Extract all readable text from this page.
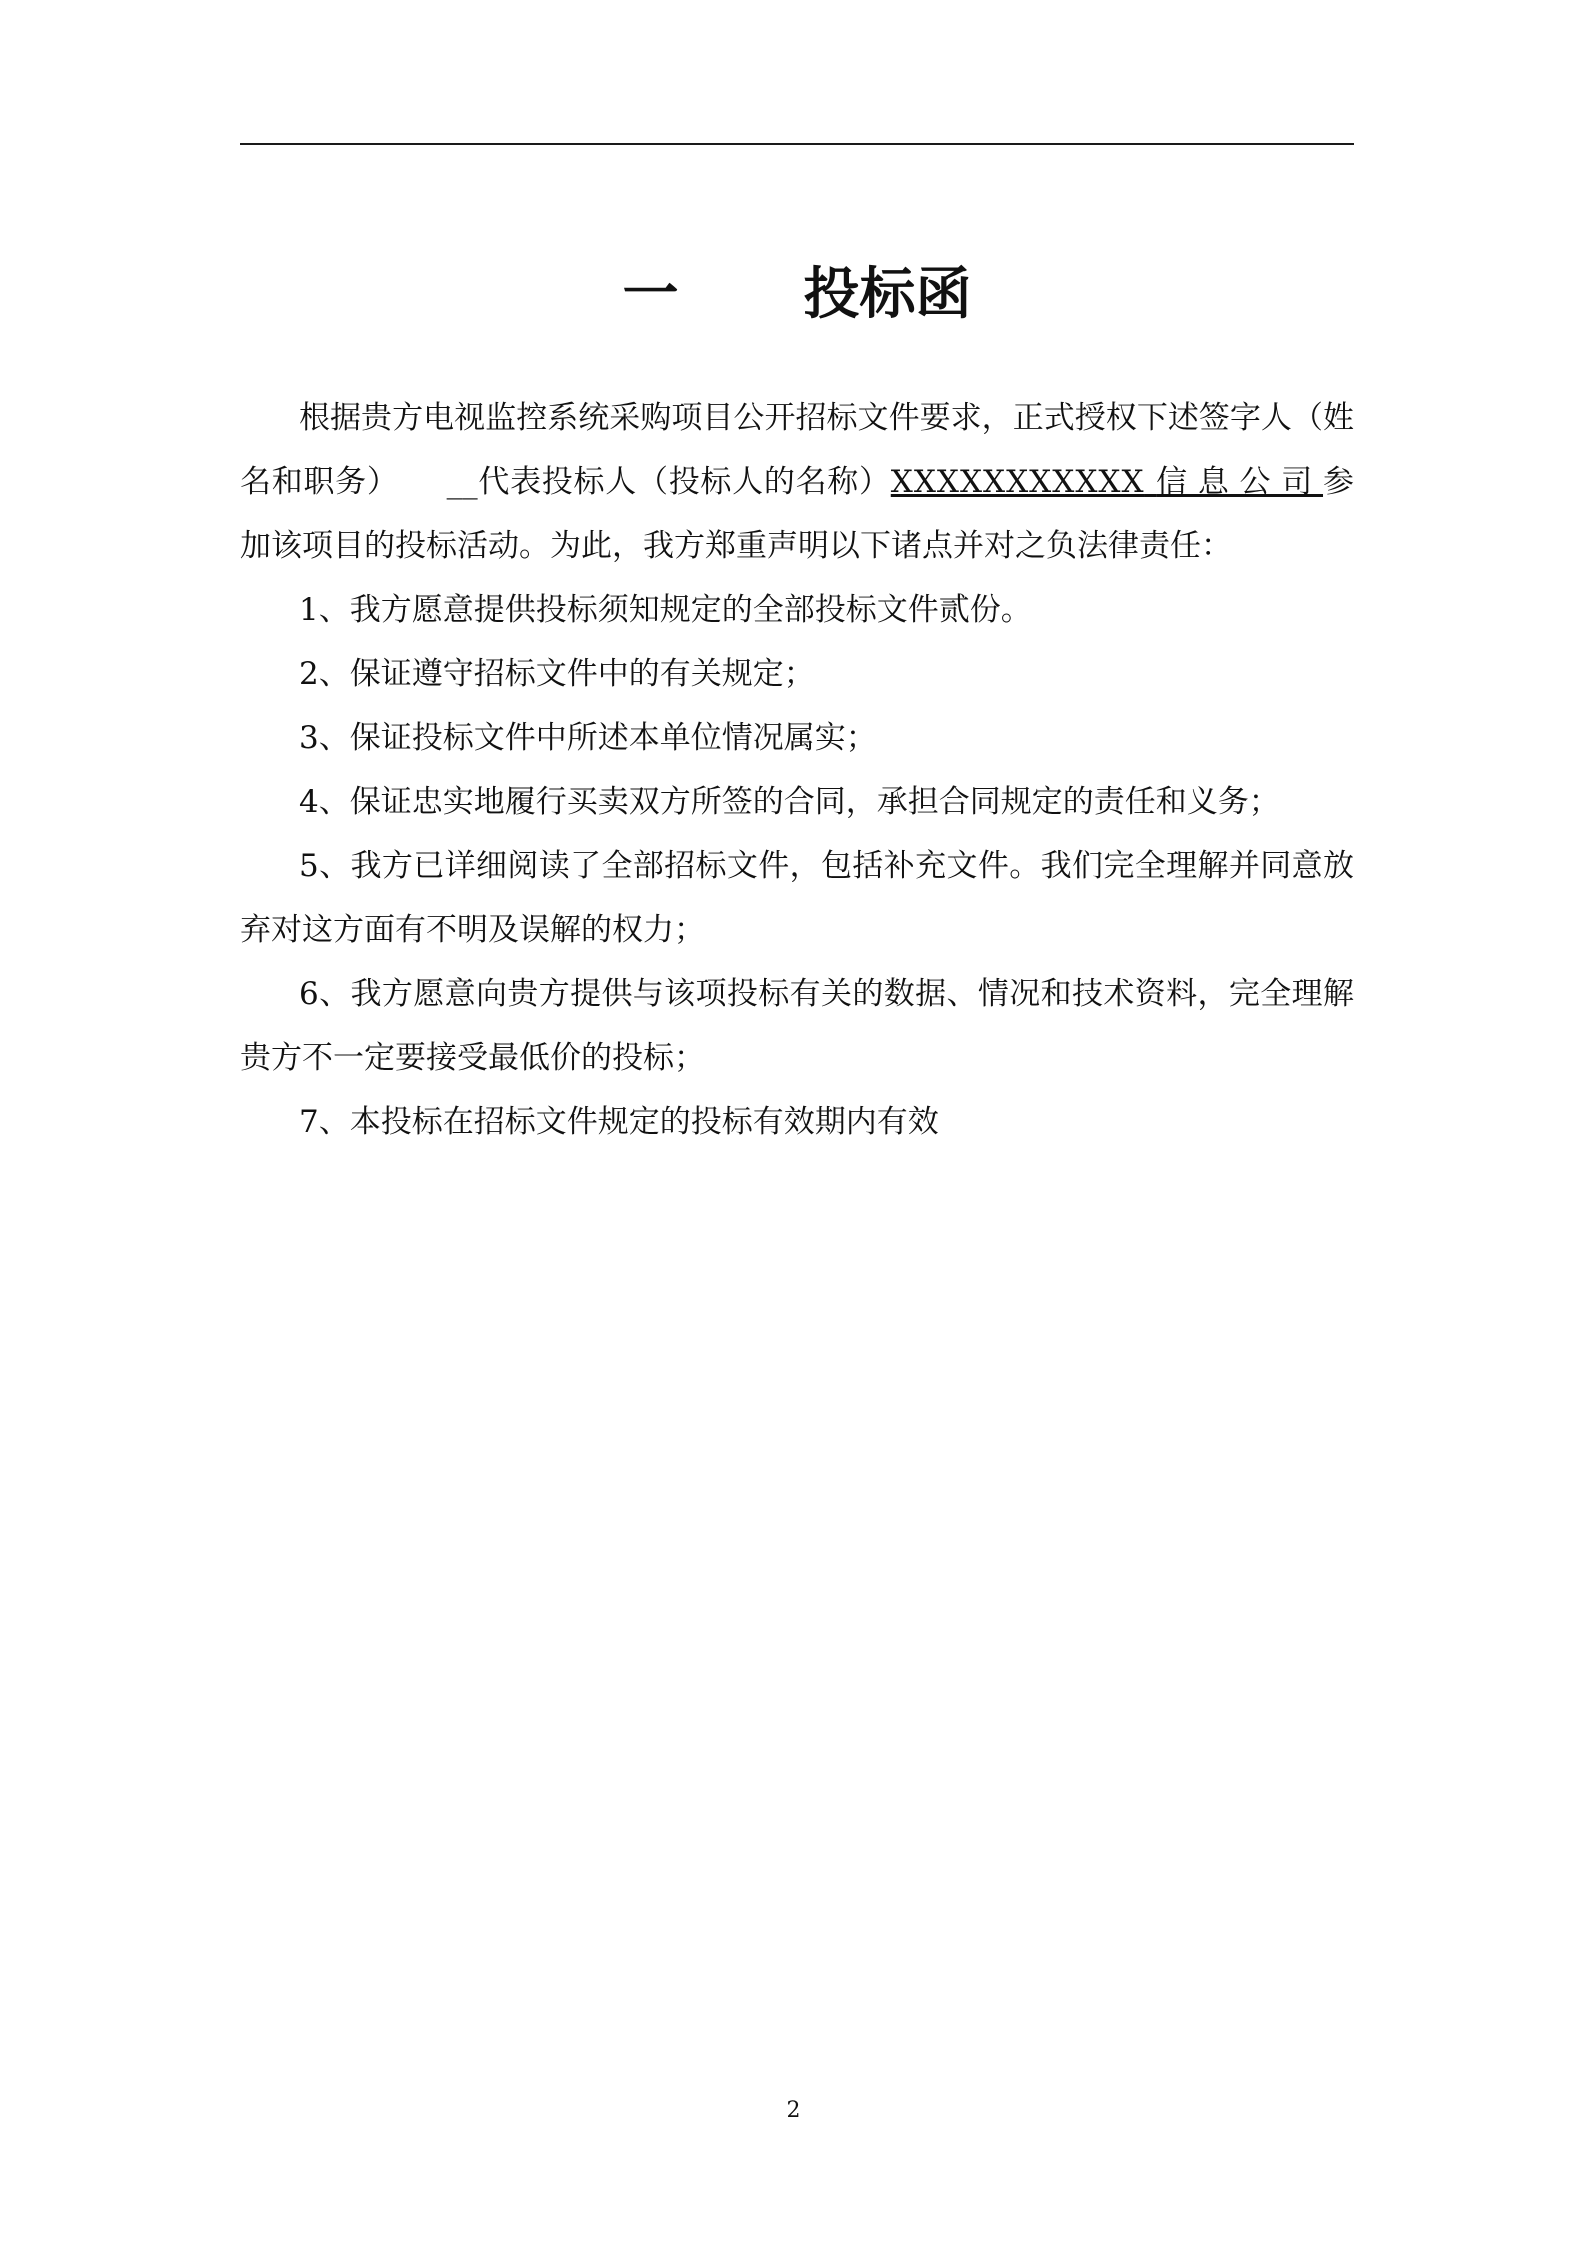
一 投标函

根据贵方电视监控系统采购项目公开招标文件要求，正式授权下述签字人（姓名和职务） __代表投标人（投标人的名称）XXXXXXXXXXX 信息公司参加该项目的投标活动。为此，我方郑重声明以下诸点并对之负法律责任：

1、我方愿意提供投标须知规定的全部投标文件贰份。

2、保证遵守招标文件中的有关规定；

3、保证投标文件中所述本单位情况属实；

4、保证忠实地履行买卖双方所签的合同，承担合同规定的责任和义务；

5、我方已详细阅读了全部招标文件，包括补充文件。我们完全理解并同意放弃对这方面有不明及误解的权力；

6、我方愿意向贵方提供与该项投标有关的数据、情况和技术资料，完全理解贵方不一定要接受最低价的投标；

7、本投标在招标文件规定的投标有效期内有效

2
